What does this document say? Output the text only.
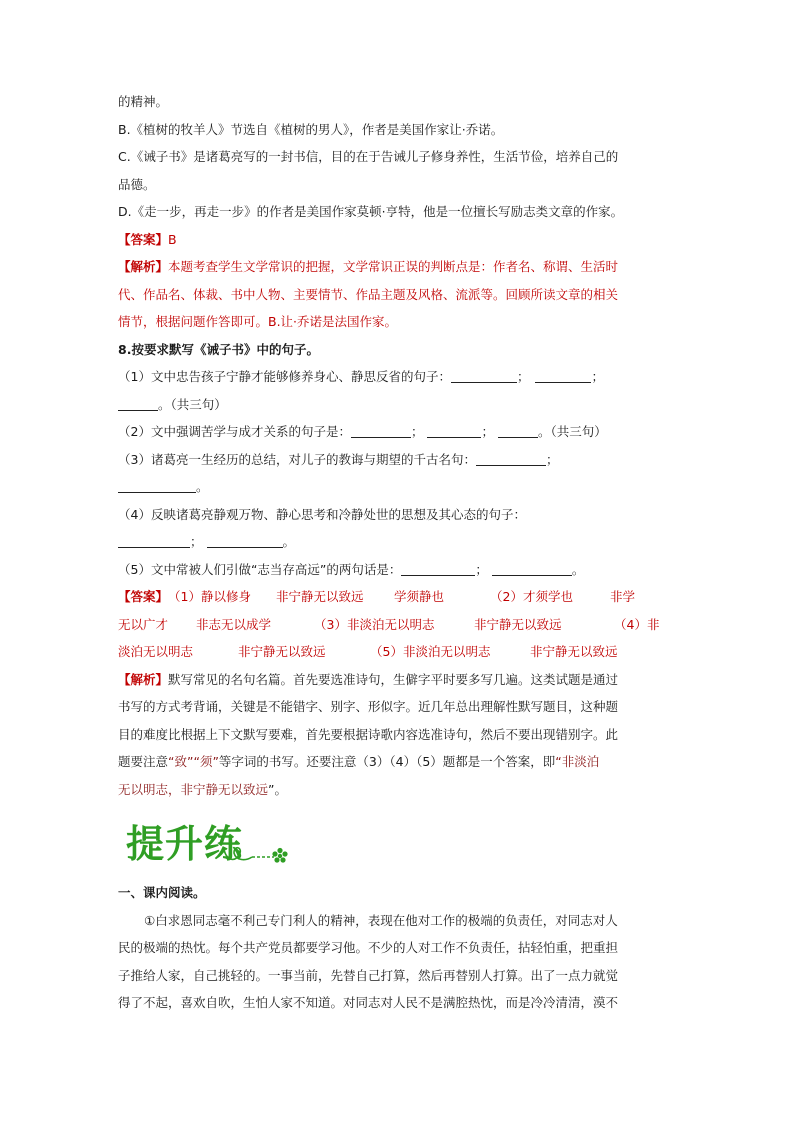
的精神。

B.《植树的牧羊人》节选自《植树的男人》，作者是美国作家让·乔诺。

C.《诫子书》是诸葛亮写的一封书信，目的在于告诫儿子修身养性，生活节俭，培养自己的

品德。

D.《走一步，再走一步》的作者是美国作家莫顿·亨特，他是一位擅长写励志类文章的作家。

【答案】B

【解析】本题考查学生文学常识的把握，文学常识正误的判断点是：作者名、称谓、生活时

代、作品名、体裁、书中人物、主要情节、作品主题及风格、流派等。回顾所读文章的相关

情节，根据问题作答即可。B.让·乔诺是法国作家。

8.按要求默写《诫子书》中的句子。

（1）文中忠告孩子宁静才能够修养身心、静思反省的句子：	；	；

。（共三句）

（2）文中强调苦学与成才关系的句子是：	；	；	。（共三句）

（3）诸葛亮一生经历的总结，对儿子的教诲与期望的千古名句：	；

。

（4）反映诸葛亮静观万物、静心思考和冷静处世的思想及其心态的句子：

；	。

（5）文中常被人们引做“志当存高远”的两句话是：	；	。

【答案】（1）静以修身 非宁静无以致远 学须静也	（2）才须学也	非学

无以广才 非志无以成学	（3）非淡泊无以明志	非宁静无以致远	（4）非

淡泊无以明志	非宁静无以致远	（5）非淡泊无以明志	非宁静无以致远

【解析】默写常见的名句名篇。首先要选准诗句，生僻字平时要多写几遍。这类试题是通过

书写的方式考背诵，关键是不能错字、别字、形似字。近几年总出理解性默写题目，这种题

目的难度比根据上下文默写要难，首先要根据诗歌内容选准诗句，然后不要出现错别字。此

题要注意“致”“须”等字词的书写。还要注意（3）（4）（5）题都是一个答案，即“非淡泊

无以明志，非宁静无以致远”。

提升练

一、课内阅读。

①白求恩同志毫不利己专门利人的精神，表现在他对工作的极端的负责任，对同志对人

民的极端的热忱。每个共产党员都要学习他。不少的人对工作不负责任，拈轻怕重，把重担

子推给人家，自己挑轻的。一事当前，先替自己打算，然后再替别人打算。出了一点力就觉

得了不起，喜欢自吹，生怕人家不知道。对同志对人民不是满腔热忱，而是冷冷清清，漠不
